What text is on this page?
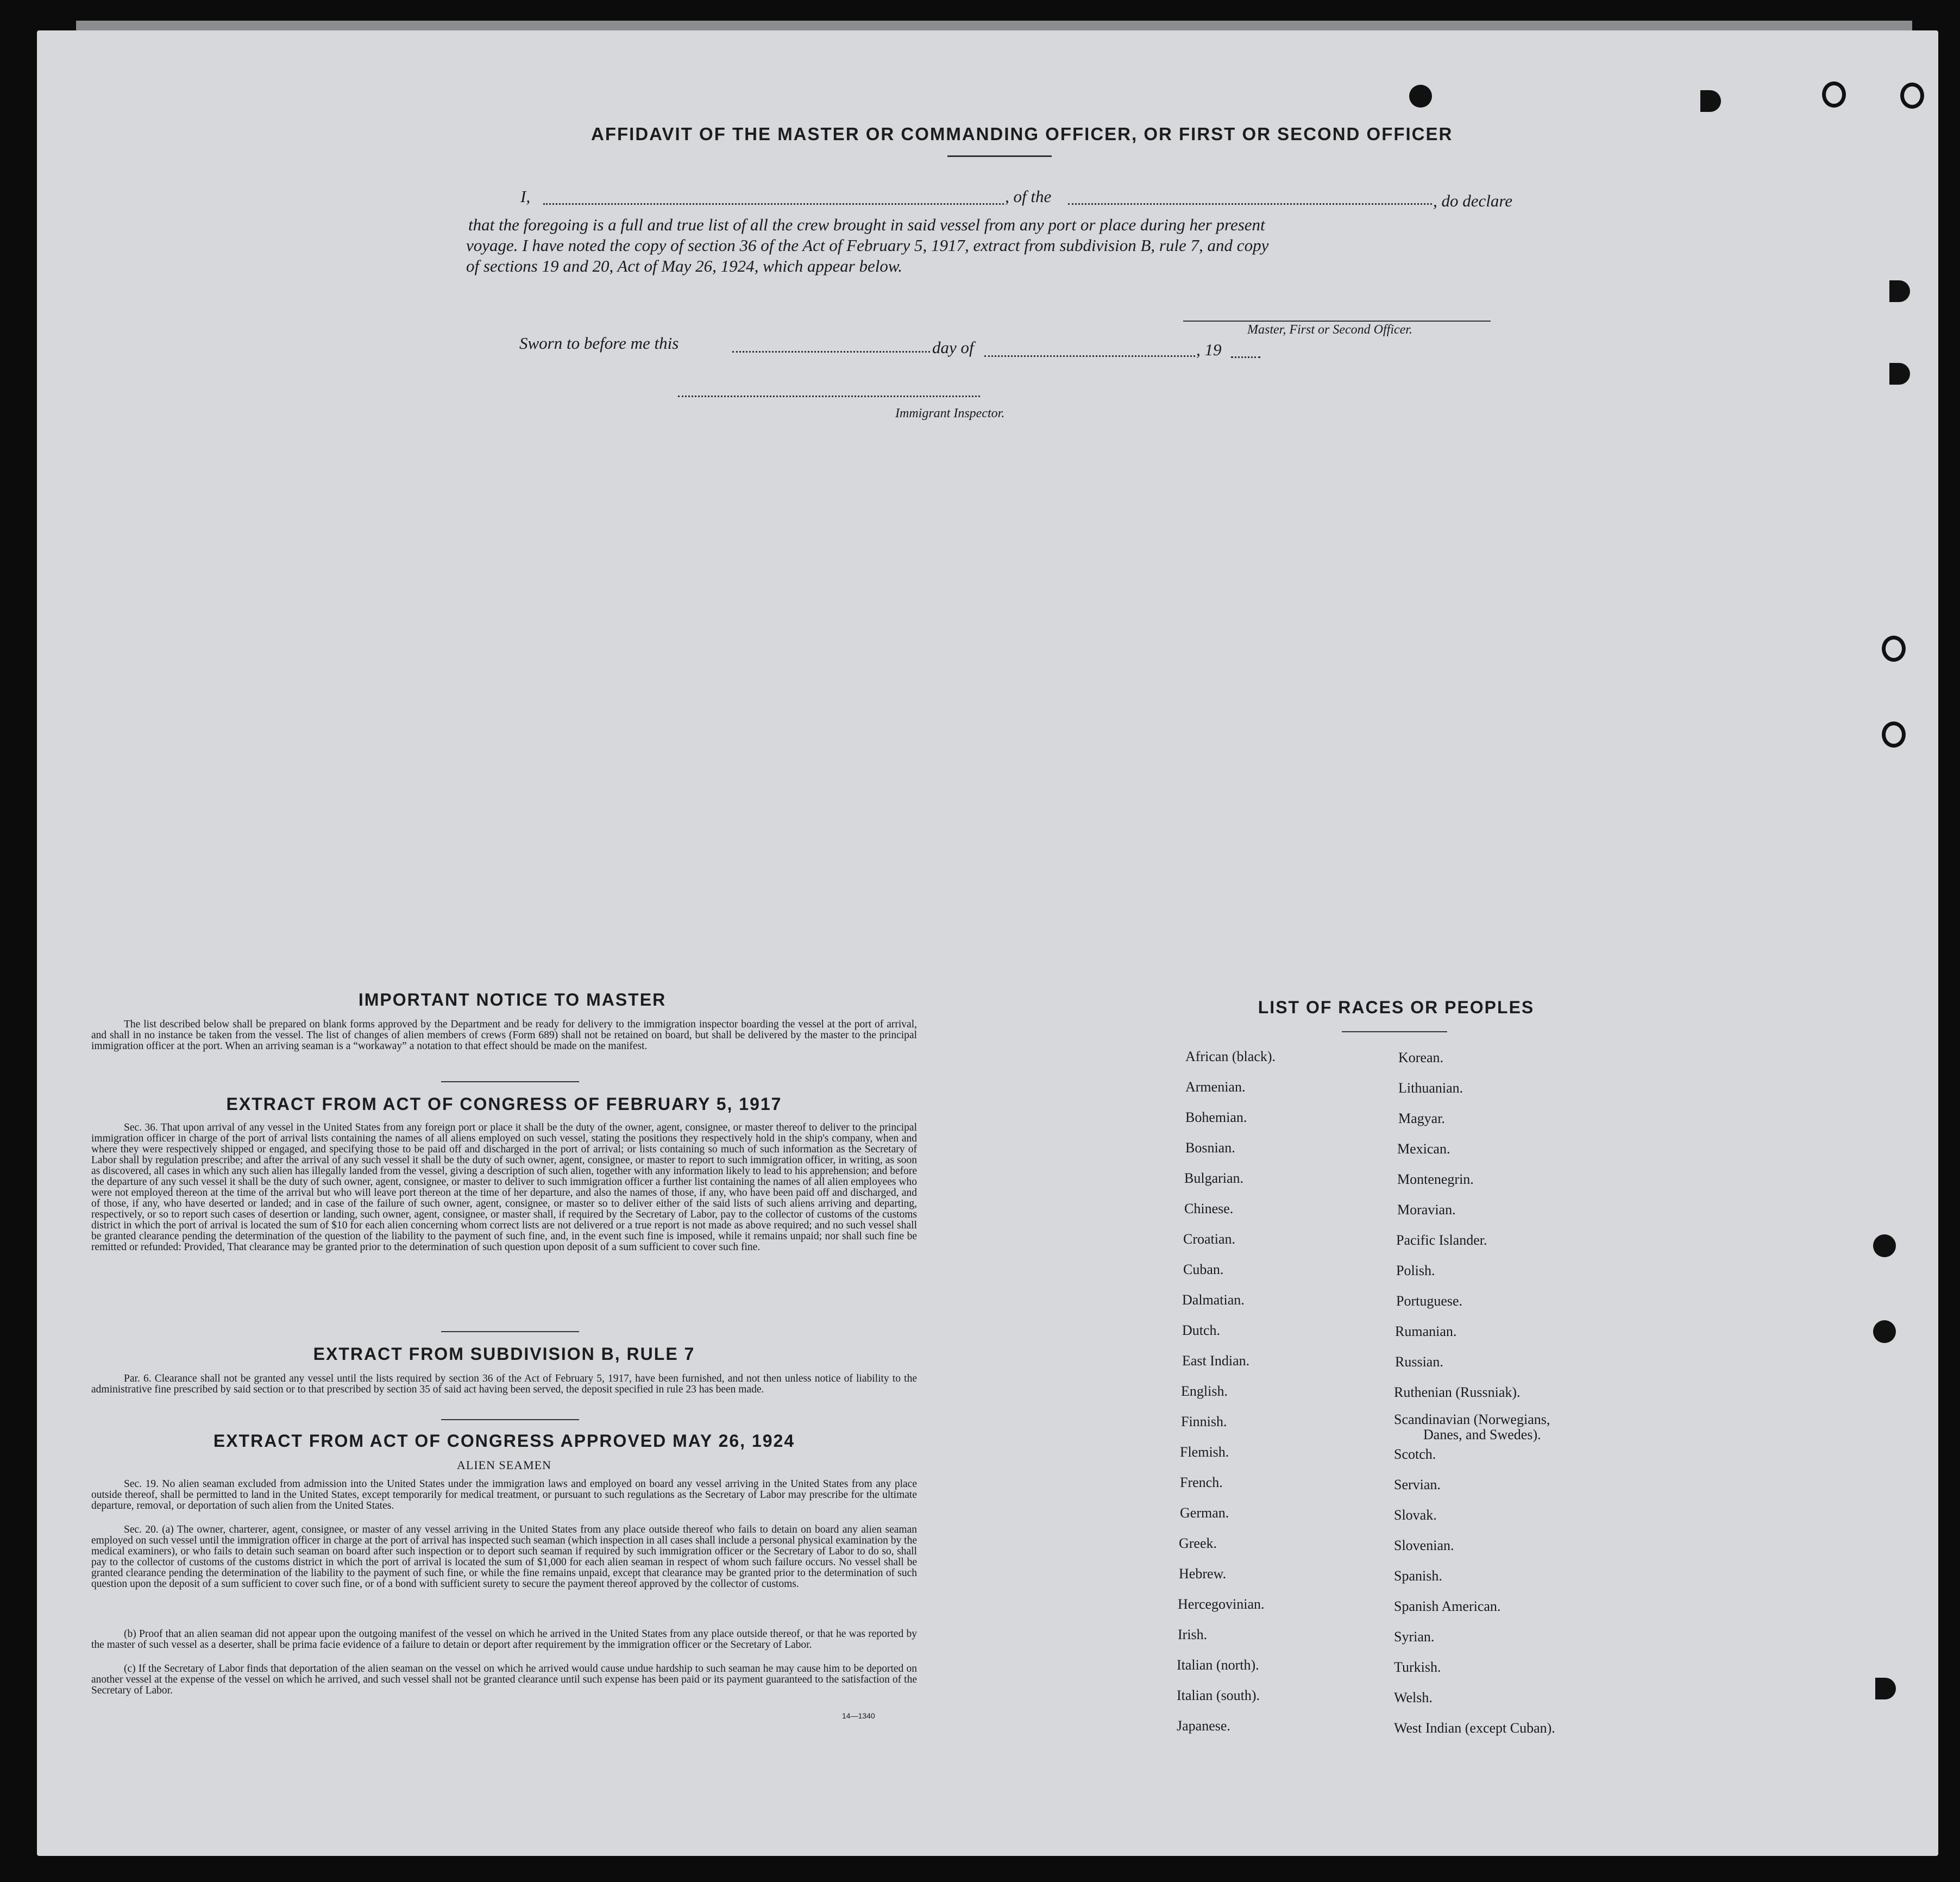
AFFIDAVIT OF THE MASTER OR COMMANDING OFFICER, OR FIRST OR SECOND OFFICER
I,	, of the	, do declare
that the foregoing is a full and true list of all the crew brought in said vessel from any port or place during her present
voyage. I have noted the copy of section 36 of the Act of February 5, 1917, extract from subdivision B, rule 7, and copy
of sections 19 and 20, Act of May 26, 1924, which appear below.
Master, First or Second Officer.
Sworn to before me this	day of	, 19
Immigrant Inspector.
IMPORTANT NOTICE TO MASTER
The list described below shall be prepared on blank forms approved by the Department and be ready for delivery to the immigration inspector boarding the vessel at the port of arrival, and shall in no instance be taken from the vessel. The list of changes of alien members of crews (Form 689) shall not be retained on board, but shall be delivered by the master to the principal immigration officer at the port. When an arriving seaman is a “workaway” a notation to that effect should be made on the manifest.
EXTRACT FROM ACT OF CONGRESS OF FEBRUARY 5, 1917
Sec. 36. That upon arrival of any vessel in the United States from any foreign port or place it shall be the duty of the owner, agent, consignee, or master thereof to deliver to the principal immigration officer in charge of the port of arrival lists containing the names of all aliens employed on such vessel, stating the positions they respectively hold in the ship's company, when and where they were respectively shipped or engaged, and specifying those to be paid off and discharged in the port of arrival; or lists containing so much of such information as the Secretary of Labor shall by regulation prescribe; and after the arrival of any such vessel it shall be the duty of such owner, agent, consignee, or master to report to such immigration officer, in writing, as soon as discovered, all cases in which any such alien has illegally landed from the vessel, giving a description of such alien, together with any information likely to lead to his apprehension; and before the departure of any such vessel it shall be the duty of such owner, agent, consignee, or master to deliver to such immigration officer a further list containing the names of all alien employees who were not employed thereon at the time of the arrival but who will leave port thereon at the time of her departure, and also the names of those, if any, who have been paid off and discharged, and of those, if any, who have deserted or landed; and in case of the failure of such owner, agent, consignee, or master so to deliver either of the said lists of such aliens arriving and departing, respectively, or so to report such cases of desertion or landing, such owner, agent, consignee, or master shall, if required by the Secretary of Labor, pay to the collector of customs of the customs district in which the port of arrival is located the sum of $10 for each alien concerning whom correct lists are not delivered or a true report is not made as above required; and no such vessel shall be granted clearance pending the determination of the question of the liability to the payment of such fine, and, in the event such fine is imposed, while it remains unpaid; nor shall such fine be remitted or refunded: Provided, That clearance may be granted prior to the determination of such question upon deposit of a sum sufficient to cover such fine.
EXTRACT FROM SUBDIVISION B, RULE 7
Par. 6. Clearance shall not be granted any vessel until the lists required by section 36 of the Act of February 5, 1917, have been furnished, and not then unless notice of liability to the administrative fine prescribed by said section or to that prescribed by section 35 of said act having been served, the deposit specified in rule 23 has been made.
EXTRACT FROM ACT OF CONGRESS APPROVED MAY 26, 1924
ALIEN SEAMEN
Sec. 19. No alien seaman excluded from admission into the United States under the immigration laws and employed on board any vessel arriving in the United States from any place outside thereof, shall be permitted to land in the United States, except temporarily for medical treatment, or pursuant to such regulations as the Secretary of Labor may prescribe for the ultimate departure, removal, or deportation of such alien from the United States.
Sec. 20. (a) The owner, charterer, agent, consignee, or master of any vessel arriving in the United States from any place outside thereof who fails to detain on board any alien seaman employed on such vessel until the immigration officer in charge at the port of arrival has inspected such seaman (which inspection in all cases shall include a personal physical examination by the medical examiners), or who fails to detain such seaman on board after such inspection or to deport such seaman if required by such immigration officer or the Secretary of Labor to do so, shall pay to the collector of customs of the customs district in which the port of arrival is located the sum of $1,000 for each alien seaman in respect of whom such failure occurs. No vessel shall be granted clearance pending the determination of the liability to the payment of such fine, or while the fine remains unpaid, except that clearance may be granted prior to the determination of such question upon the deposit of a sum sufficient to cover such fine, or of a bond with sufficient surety to secure the payment thereof approved by the collector of customs.
(b) Proof that an alien seaman did not appear upon the outgoing manifest of the vessel on which he arrived in the United States from any place outside thereof, or that he was reported by the master of such vessel as a deserter, shall be prima facie evidence of a failure to detain or deport after requirement by the immigration officer or the Secretary of Labor.
(c) If the Secretary of Labor finds that deportation of the alien seaman on the vessel on which he arrived would cause undue hardship to such seaman he may cause him to be deported on another vessel at the expense of the vessel on which he arrived, and such vessel shall not be granted clearance until such expense has been paid or its payment guaranteed to the satisfaction of the Secretary of Labor.
14—1340
LIST OF RACES OR PEOPLES
African (black).
Armenian.
Bohemian.
Bosnian.
Bulgarian.
Chinese.
Croatian.
Cuban.
Dalmatian.
Dutch.
East Indian.
English.
Finnish.
Flemish.
French.
German.
Greek.
Hebrew.
Hercegovinian.
Irish.
Italian (north).
Italian (south).
Japanese.
Korean.
Lithuanian.
Magyar.
Mexican.
Montenegrin.
Moravian.
Pacific Islander.
Polish.
Portuguese.
Rumanian.
Russian.
Ruthenian (Russniak).
Scandinavian (Norwegians,
Danes, and Swedes).
Scotch.
Servian.
Slovak.
Slovenian.
Spanish.
Spanish American.
Syrian.
Turkish.
Welsh.
West Indian (except Cuban).
